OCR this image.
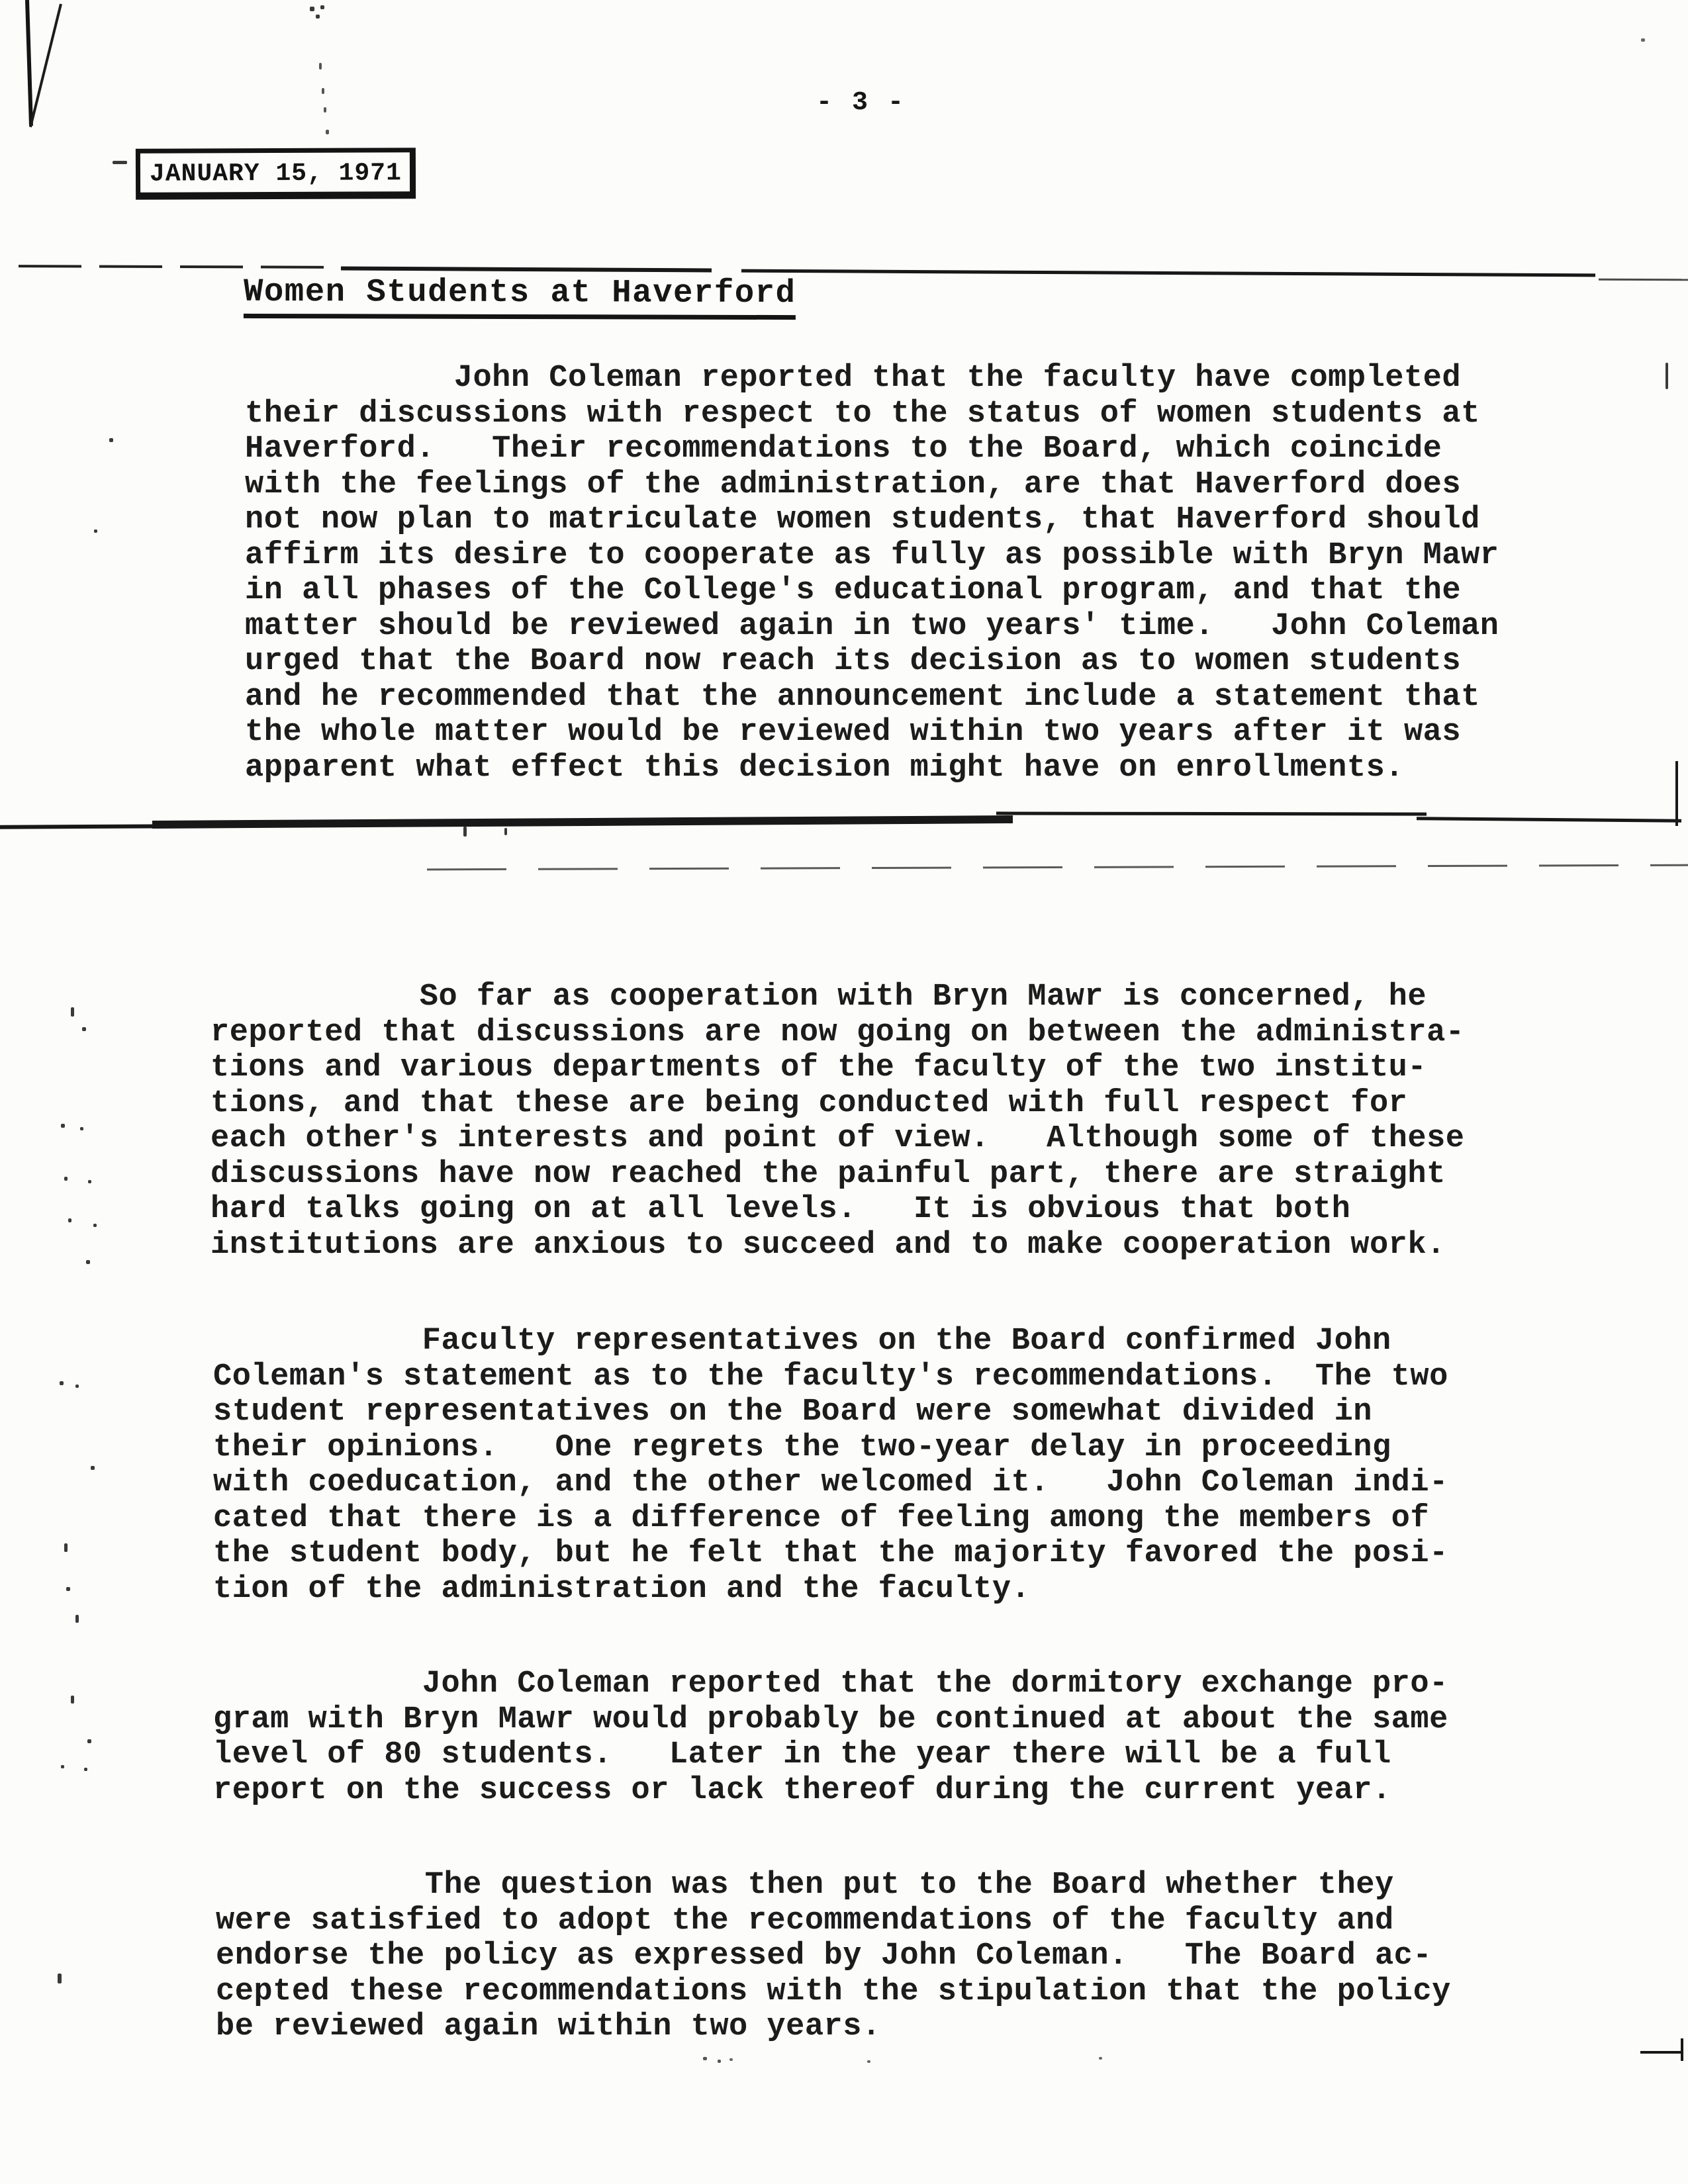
- 3 -
JANUARY 15, 1971
Women Students at Haverford
John Coleman reported that the faculty have completed
their discussions with respect to the status of women students at
Haverford.   Their recommendations to the Board, which coincide
with the feelings of the administration, are that Haverford does
not now plan to matriculate women students, that Haverford should
affirm its desire to cooperate as fully as possible with Bryn Mawr
in all phases of the College's educational program, and that the
matter should be reviewed again in two years' time.   John Coleman
urged that the Board now reach its decision as to women students
and he recommended that the announcement include a statement that
the whole matter would be reviewed within two years after it was
apparent what effect this decision might have on enrollments.
So far as cooperation with Bryn Mawr is concerned, he
reported that discussions are now going on between the administra-
tions and various departments of the faculty of the two institu-
tions, and that these are being conducted with full respect for
each other's interests and point of view.   Although some of these
discussions have now reached the painful part, there are straight
hard talks going on at all levels.   It is obvious that both
institutions are anxious to succeed and to make cooperation work.
Faculty representatives on the Board confirmed John
Coleman's statement as to the faculty's recommendations.  The two
student representatives on the Board were somewhat divided in
their opinions.   One regrets the two-year delay in proceeding
with coeducation, and the other welcomed it.   John Coleman indi-
cated that there is a difference of feeling among the members of
the student body, but he felt that the majority favored the posi-
tion of the administration and the faculty.
John Coleman reported that the dormitory exchange pro-
gram with Bryn Mawr would probably be continued at about the same
level of 80 students.   Later in the year there will be a full
report on the success or lack thereof during the current year.
The question was then put to the Board whether they
were satisfied to adopt the recommendations of the faculty and
endorse the policy as expressed by John Coleman.   The Board ac-
cepted these recommendations with the stipulation that the policy
be reviewed again within two years.
